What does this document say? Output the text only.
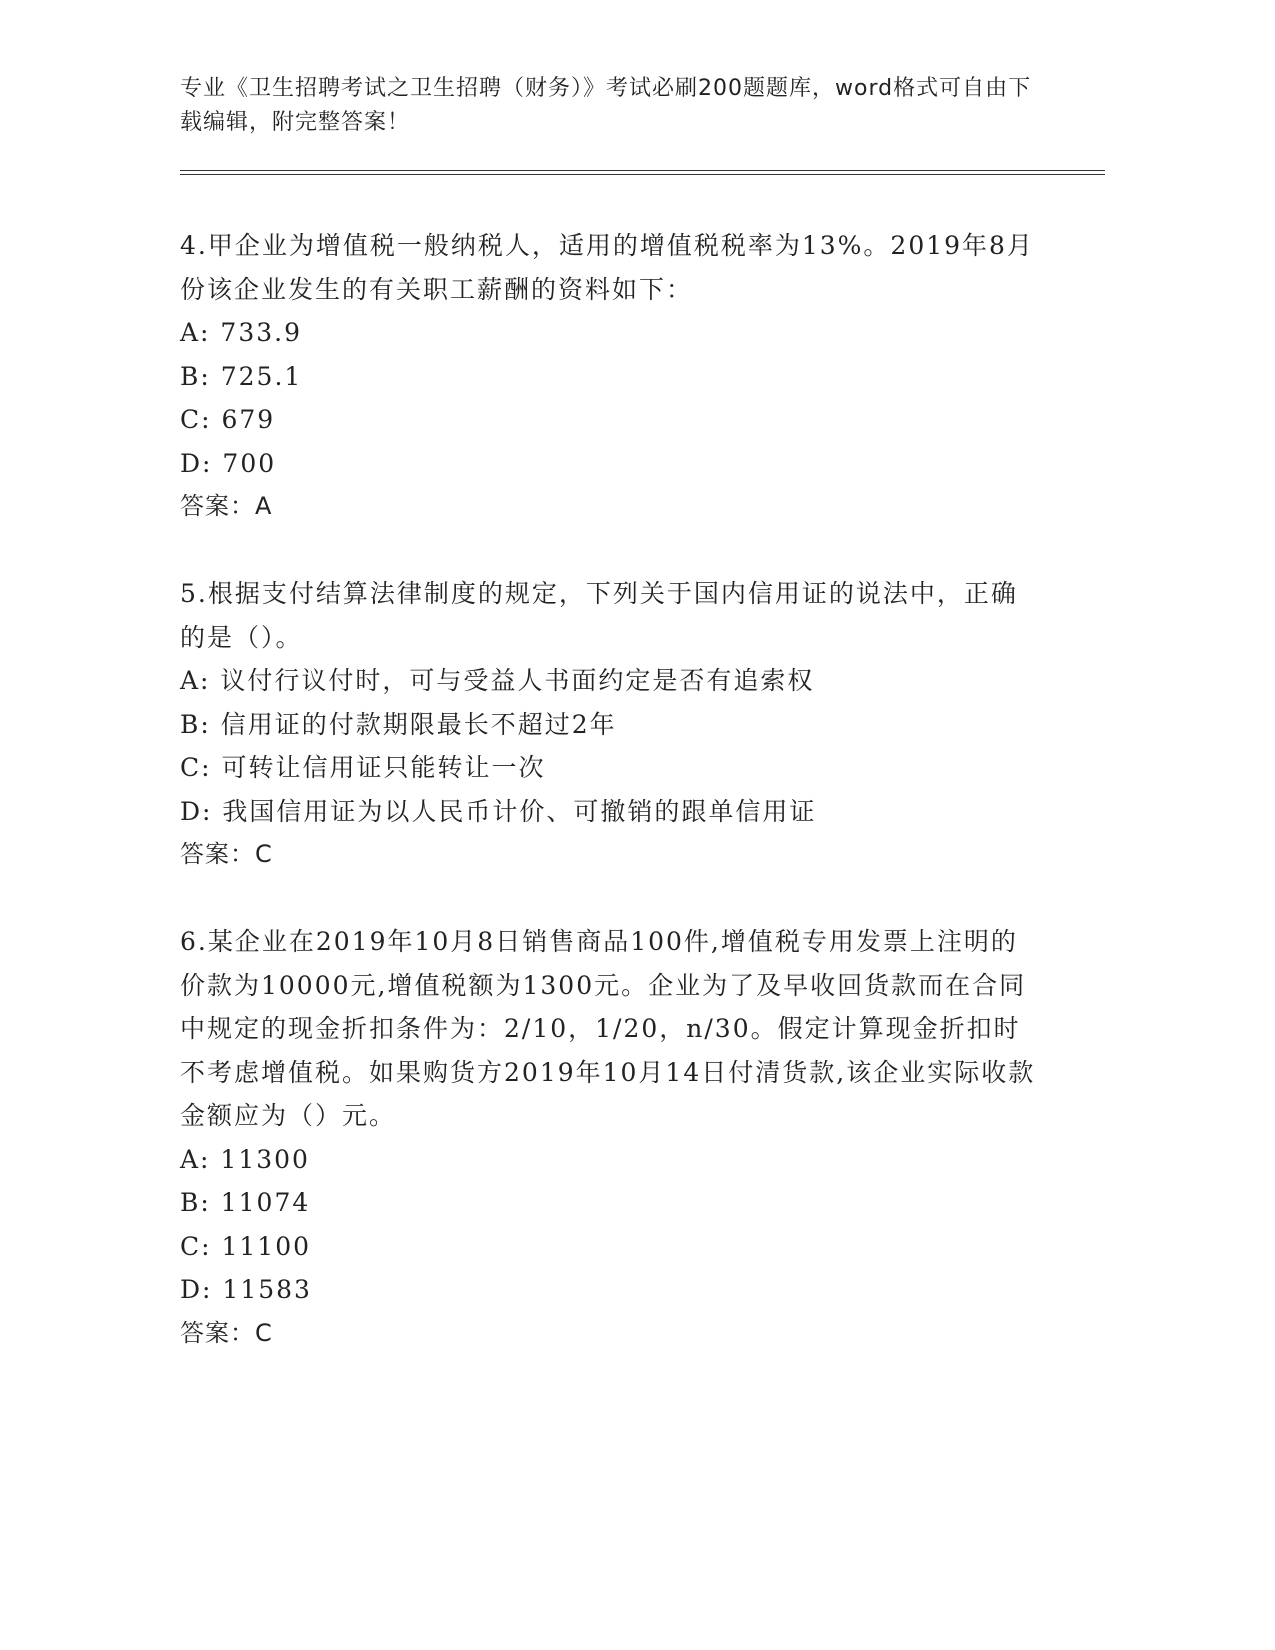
专业《卫生招聘考试之卫生招聘（财务）》考试必刷200题题库，word格式可自由下载编辑，附完整答案！

4.甲企业为增值税一般纳税人，适用的增值税税率为13%。2019年8月份该企业发生的有关职工薪酬的资料如下：

A: 733.9

B: 725.1

C: 679

D: 700

答案：A

5.根据支付结算法律制度的规定，下列关于国内信用证的说法中，正确的是（）。

A: 议付行议付时，可与受益人书面约定是否有追索权

B: 信用证的付款期限最长不超过2年

C: 可转让信用证只能转让一次

D: 我国信用证为以人民币计价、可撤销的跟单信用证

答案：C

6.某企业在2019年10月8日销售商品100件,增值税专用发票上注明的价款为10000元,增值税额为1300元。企业为了及早收回货款而在合同中规定的现金折扣条件为：2/10，1/20，n/30。假定计算现金折扣时不考虑增值税。如果购货方2019年10月14日付清货款,该企业实际收款金额应为（）元。

A: 11300

B: 11074

C: 11100

D: 11583

答案：C
